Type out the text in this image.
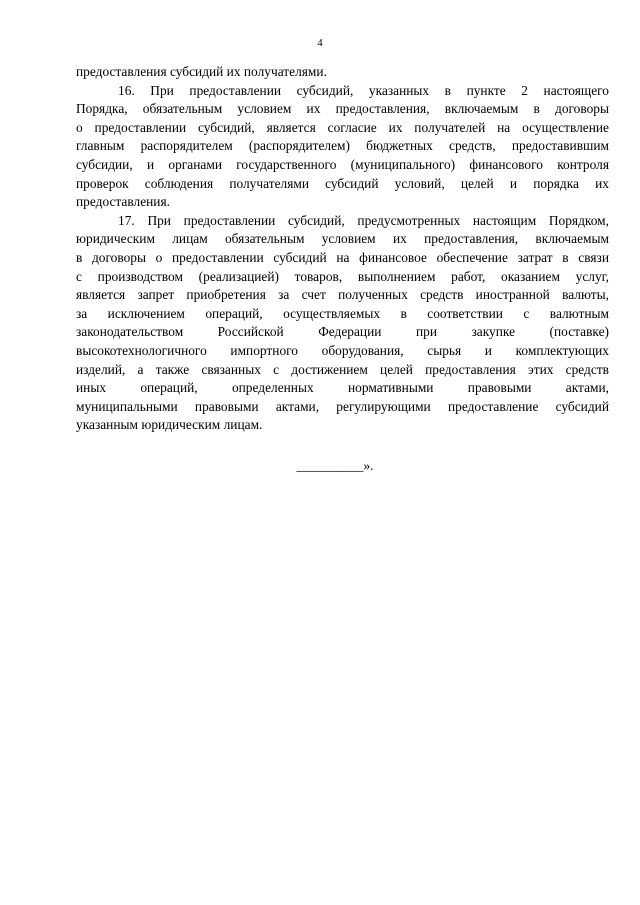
4
предоставления субсидий их получателями.
16. При предоставлении субсидий, указанных в пункте 2 настоящего
Порядка, обязательным условием их предоставления, включаемым в договоры
о предоставлении субсидий, является согласие их получателей на осуществление
главным распорядителем (распорядителем) бюджетных средств, предоставившим
субсидии, и органами государственного (муниципального) финансового контроля
проверок соблюдения получателями субсидий условий, целей и порядка их
предоставления.
17. При предоставлении субсидий, предусмотренных настоящим Порядком,
юридическим лицам обязательным условием их предоставления, включаемым
в договоры о предоставлении субсидий на финансовое обеспечение затрат в связи
с производством (реализацией) товаров, выполнением работ, оказанием услуг,
является запрет приобретения за счет полученных средств иностранной валюты,
за исключением операций, осуществляемых в соответствии с валютным
законодательством Российской Федерации при закупке (поставке)
высокотехнологичного импортного оборудования, сырья и комплектующих
изделий, а также связанных с достижением целей предоставления этих средств
иных операций, определенных нормативными правовыми актами,
муниципальными правовыми актами, регулирующими предоставление субсидий
указанным юридическим лицам.
__________».
